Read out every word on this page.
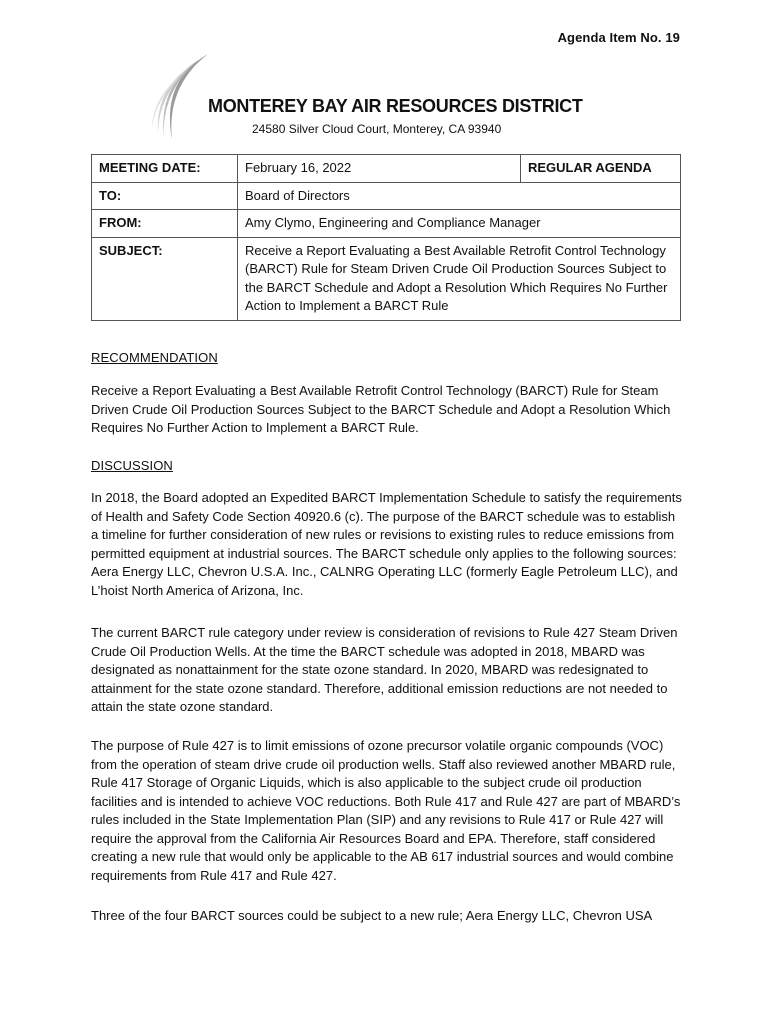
Agenda Item No. 19
MONTEREY BAY AIR RESOURCES DISTRICT
24580 Silver Cloud Court, Monterey, CA 93940
MEETING DATE:	February 16, 2022	REGULAR AGENDA
TO:	Board of Directors	
FROM:	Amy Clymo, Engineering and Compliance Manager	
SUBJECT:	Receive a Report Evaluating a Best Available Retrofit Control Technology (BARCT) Rule for Steam Driven Crude Oil Production Sources Subject to the BARCT Schedule and Adopt a Resolution Which Requires No Further Action to Implement a BARCT Rule	
RECOMMENDATION

Receive a Report Evaluating a Best Available Retrofit Control Technology (BARCT) Rule for Steam Driven Crude Oil Production Sources Subject to the BARCT Schedule and Adopt a Resolution Which Requires No Further Action to Implement a BARCT Rule.

DISCUSSION

In 2018, the Board adopted an Expedited BARCT Implementation Schedule to satisfy the requirements of Health and Safety Code Section 40920.6 (c). The purpose of the BARCT schedule was to establish a timeline for further consideration of new rules or revisions to existing rules to reduce emissions from permitted equipment at industrial sources. The BARCT schedule only applies to the following sources: Aera Energy LLC, Chevron U.S.A. Inc., CALNRG Operating LLC (formerly Eagle Petroleum LLC), and L’hoist North America of Arizona, Inc.

The current BARCT rule category under review is consideration of revisions to Rule 427 Steam Driven Crude Oil Production Wells. At the time the BARCT schedule was adopted in 2018, MBARD was designated as nonattainment for the state ozone standard. In 2020, MBARD was redesignated to attainment for the state ozone standard. Therefore, additional emission reductions are not needed to attain the state ozone standard.

The purpose of Rule 427 is to limit emissions of ozone precursor volatile organic compounds (VOC) from the operation of steam drive crude oil production wells. Staff also reviewed another MBARD rule, Rule 417 Storage of Organic Liquids, which is also applicable to the subject crude oil production facilities and is intended to achieve VOC reductions. Both Rule 417 and Rule 427 are part of MBARD’s rules included in the State Implementation Plan (SIP) and any revisions to Rule 417 or Rule 427 will require the approval from the California Air Resources Board and EPA. Therefore, staff considered creating a new rule that would only be applicable to the AB 617 industrial sources and would combine requirements from Rule 417 and Rule 427.

Three of the four BARCT sources could be subject to a new rule; Aera Energy LLC, Chevron USA
